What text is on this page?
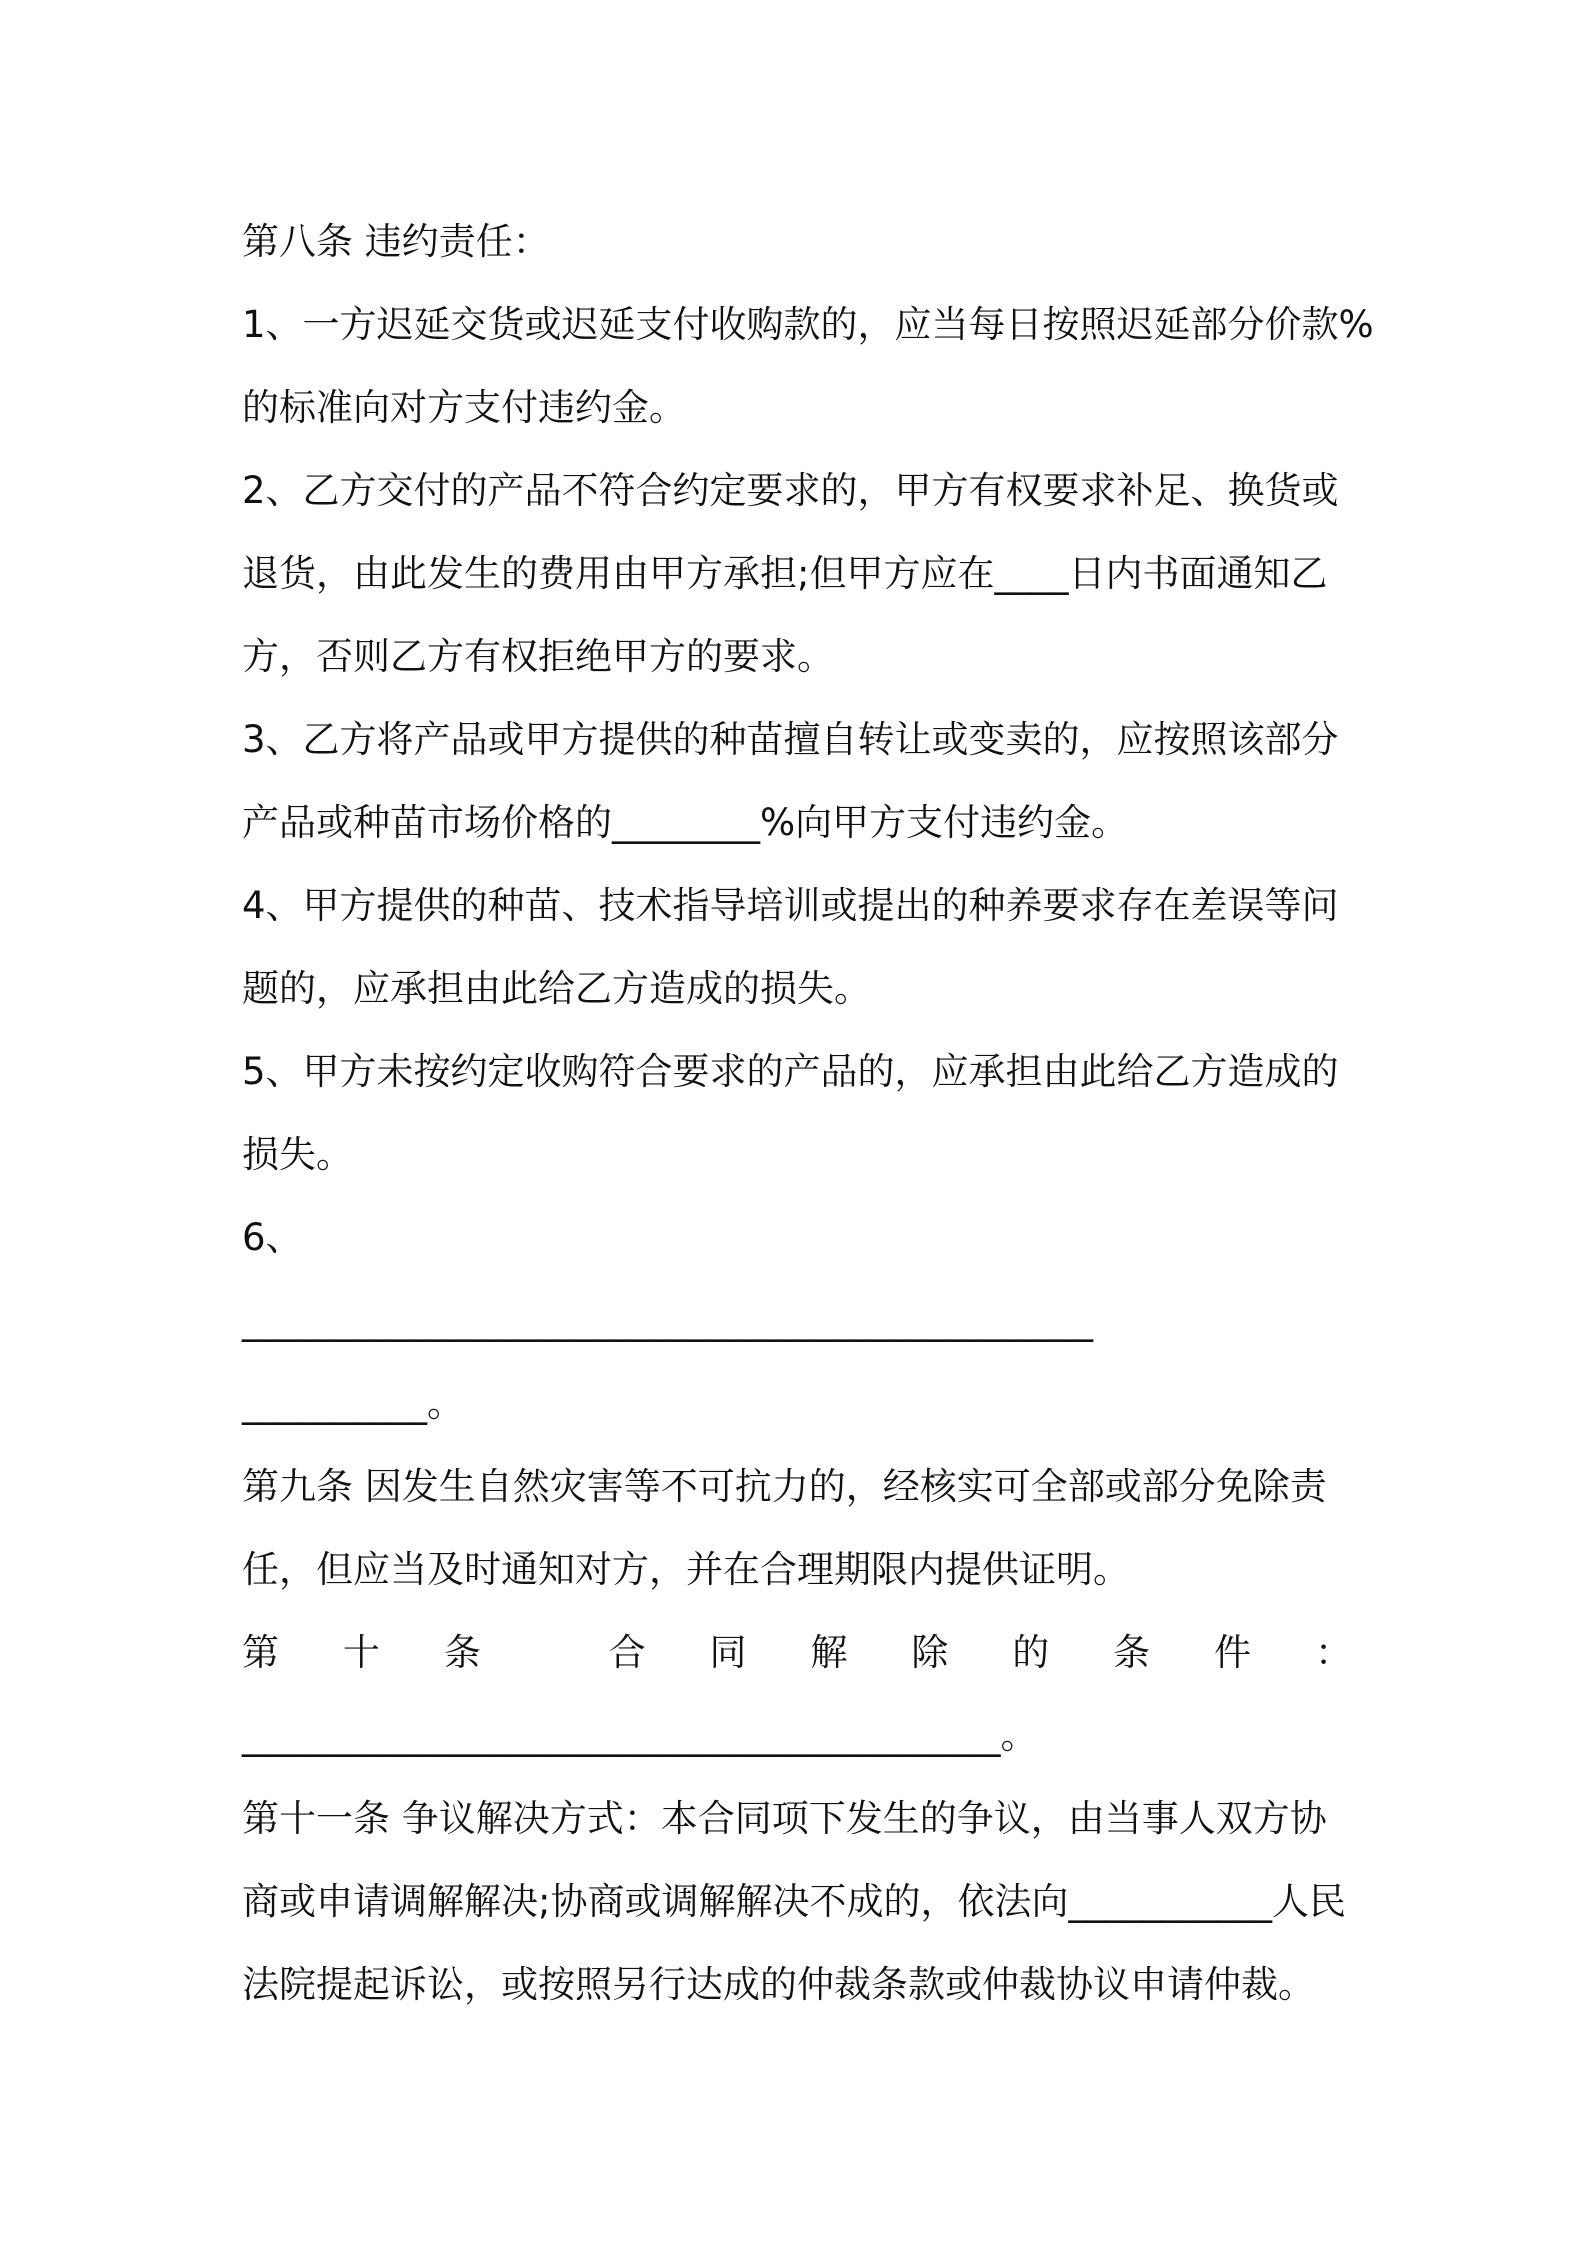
第八条 违约责任：
1、一方迟延交货或迟延支付收购款的，应当每日按照迟延部分价款%
的标准向对方支付违约金。
2、乙方交付的产品不符合约定要求的，甲方有权要求补足、换货或
退货，由此发生的费用由甲方承担;但甲方应在____日内书面通知乙
方，否则乙方有权拒绝甲方的要求。
3、乙方将产品或甲方提供的种苗擅自转让或变卖的，应按照该部分
产品或种苗市场价格的________%向甲方支付违约金。
4、甲方提供的种苗、技术指导培训或提出的种养要求存在差误等问
题的，应承担由此给乙方造成的损失。
5、甲方未按约定收购符合要求的产品的，应承担由此给乙方造成的
损失。
6、
______________________________________________
__________。
第九条 因发生自然灾害等不可抗力的，经核实可全部或部分免除责
任，但应当及时通知对方，并在合理期限内提供证明。
第 十 条	合 同 解 除 的 条 件 ：
_________________________________________。
第十一条 争议解决方式：本合同项下发生的争议，由当事人双方协
商或申请调解解决;协商或调解解决不成的，依法向___________人民
法院提起诉讼，或按照另行达成的仲裁条款或仲裁协议申请仲裁。
